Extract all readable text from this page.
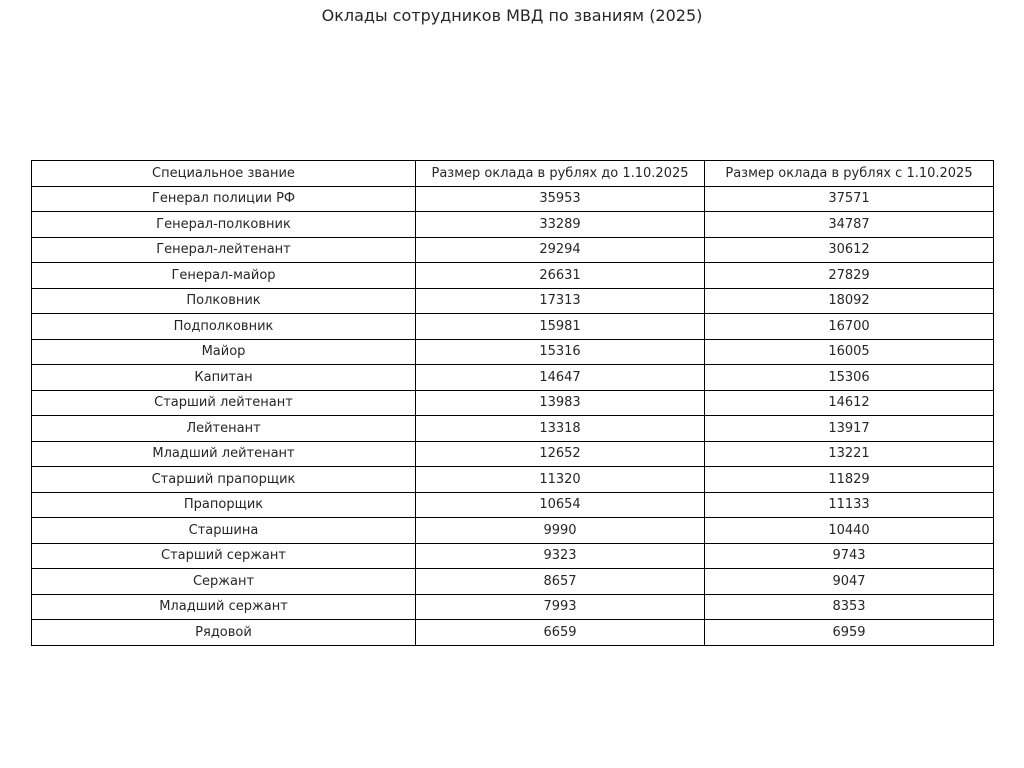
Оклады сотрудников МВД по званиям (2025)
Специальное звание	Размер оклада в рублях до 1.10.2025	Размер оклада в рублях с 1.10.2025
Генерал полиции РФ	35953	37571
Генерал-полковник	33289	34787
Генерал-лейтенант	29294	30612
Генерал-майор	26631	27829
Полковник	17313	18092
Подполковник	15981	16700
Майор	15316	16005
Капитан	14647	15306
Старший лейтенант	13983	14612
Лейтенант	13318	13917
Младший лейтенант	12652	13221
Старший прапорщик	11320	11829
Прапорщик	10654	11133
Старшина	9990	10440
Старший сержант	9323	9743
Сержант	8657	9047
Младший сержант	7993	8353
Рядовой	6659	6959
